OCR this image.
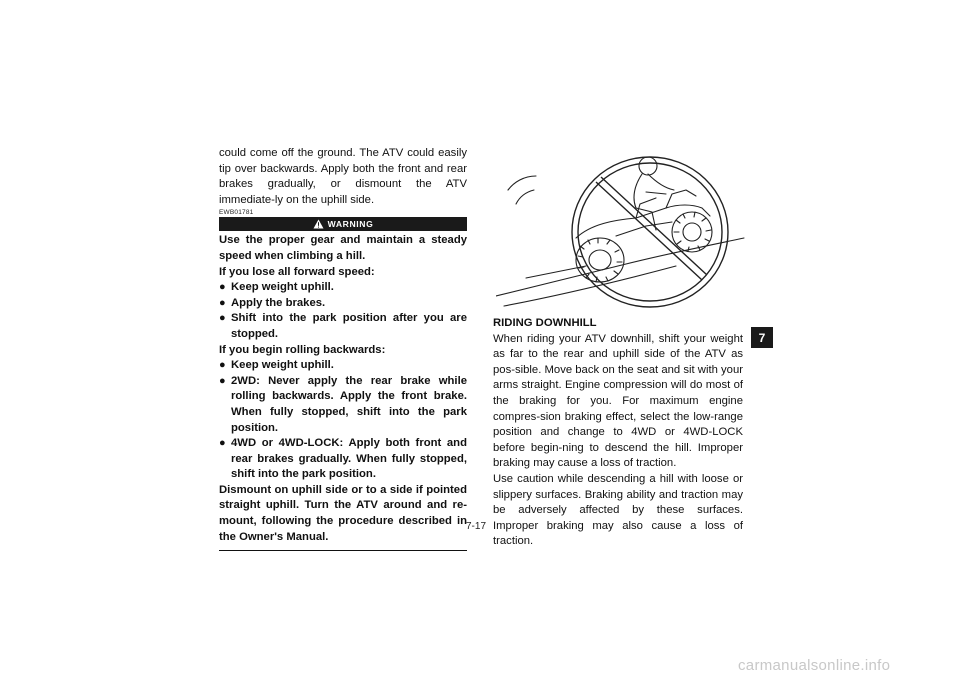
could come off the ground. The ATV could easily tip over backwards. Apply both the front and rear brakes gradually, or dismount the ATV immediate-ly on the uphill side.

EWB01781
WARNING

Use the proper gear and maintain a steady speed when climbing a hill.

If you lose all forward speed:

● Keep weight uphill.
● Apply the brakes.
● Shift into the park position after you are stopped.

If you begin rolling backwards:

● Keep weight uphill.
● 2WD: Never apply the rear brake while rolling backwards. Apply the front brake. When fully stopped, shift into the park position.
● 4WD or 4WD-LOCK: Apply both front and rear brakes gradually. When fully stopped, shift into the park position.

Dismount on uphill side or to a side if pointed straight uphill. Turn the ATV around and re-mount, following the procedure described in the Owner's Manual.

RIDING DOWNHILL

When riding your ATV downhill, shift your weight as far to the rear and uphill side of the ATV as pos-sible. Move back on the seat and sit with your arms straight. Engine compression will do most of the braking for you. For maximum engine compres-sion braking effect, select the low-range position and change to 4WD or 4WD-LOCK before begin-ning to descend the hill. Improper braking may cause a loss of traction.

Use caution while descending a hill with loose or slippery surfaces. Braking ability and traction may be adversely affected by these surfaces. Improper braking may also cause a loss of traction.

7
7-17
carmanualsonline.info
